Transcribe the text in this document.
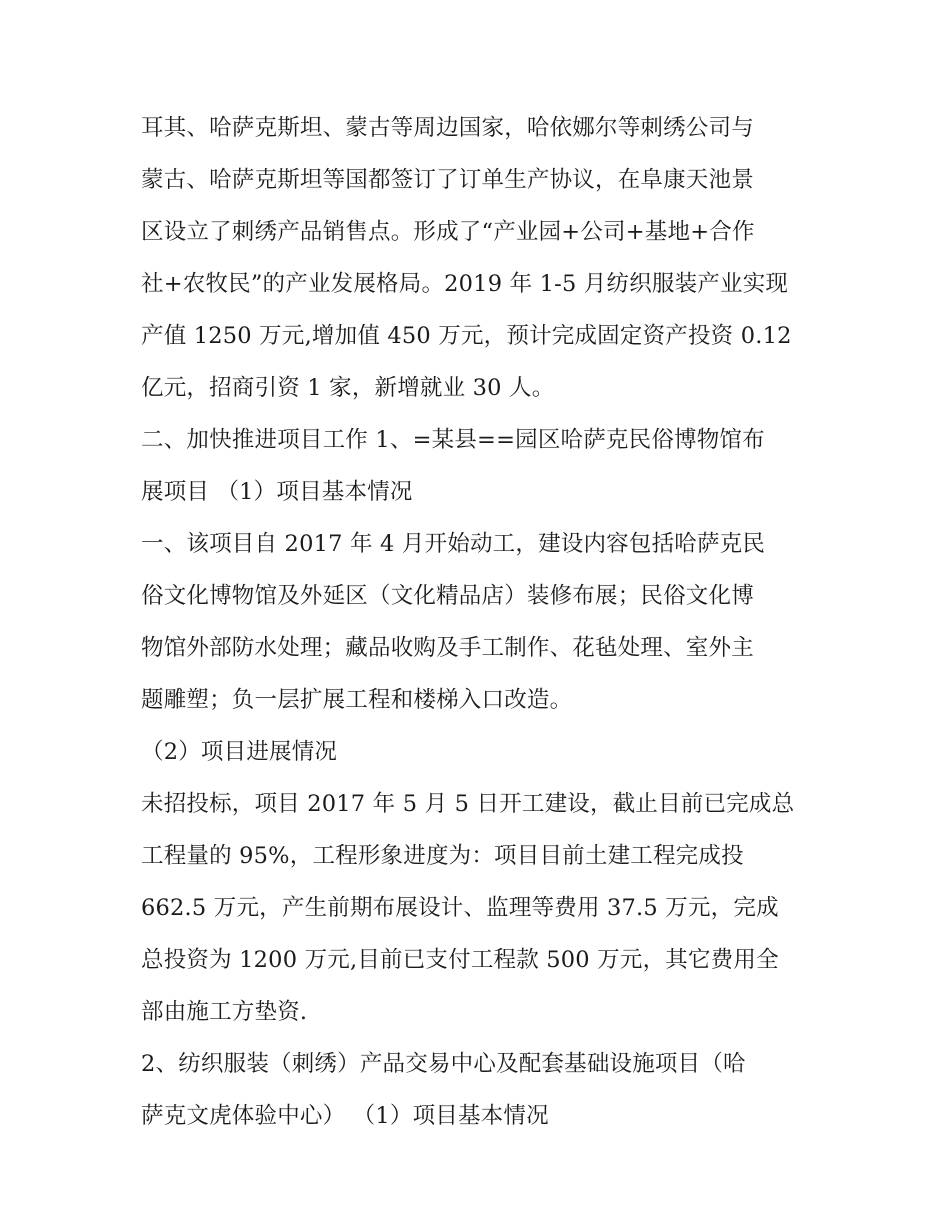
耳其、哈萨克斯坦、蒙古等周边国家，哈依娜尔等刺绣公司与
蒙古、哈萨克斯坦等国都签订了订单生产协议，在阜康天池景
区设立了刺绣产品销售点。形成了“产业园+公司+基地+合作
社+农牧民”的产业发展格局。2019 年 1-5 月纺织服装产业实现
产值 1250 万元,增加值 450 万元，预计完成固定资产投资 0.12
亿元，招商引资 1 家，新增就业 30 人。
二、加快推进项目工作 1、=某县==园区哈萨克民俗博物馆布
展项目 （1）项目基本情况
一、该项目自 2017 年 4 月开始动工，建设内容包括哈萨克民
俗文化博物馆及外延区（文化精品店）装修布展；民俗文化博
物馆外部防水处理；藏品收购及手工制作、花毡处理、室外主
题雕塑；负一层扩展工程和楼梯入口改造。
（2）项目进展情况
未招投标，项目 2017 年 5 月 5 日开工建设，截止目前已完成总
工程量的 95%，工程形象进度为：项目目前土建工程完成投
662.5 万元，产生前期布展设计、监理等费用 37.5 万元，完成
总投资为 1200 万元,目前已支付工程款 500 万元，其它费用全
部由施工方垫资.
2、纺织服装（刺绣）产品交易中心及配套基础设施项目（哈
萨克文虎体验中心） （1）项目基本情况
